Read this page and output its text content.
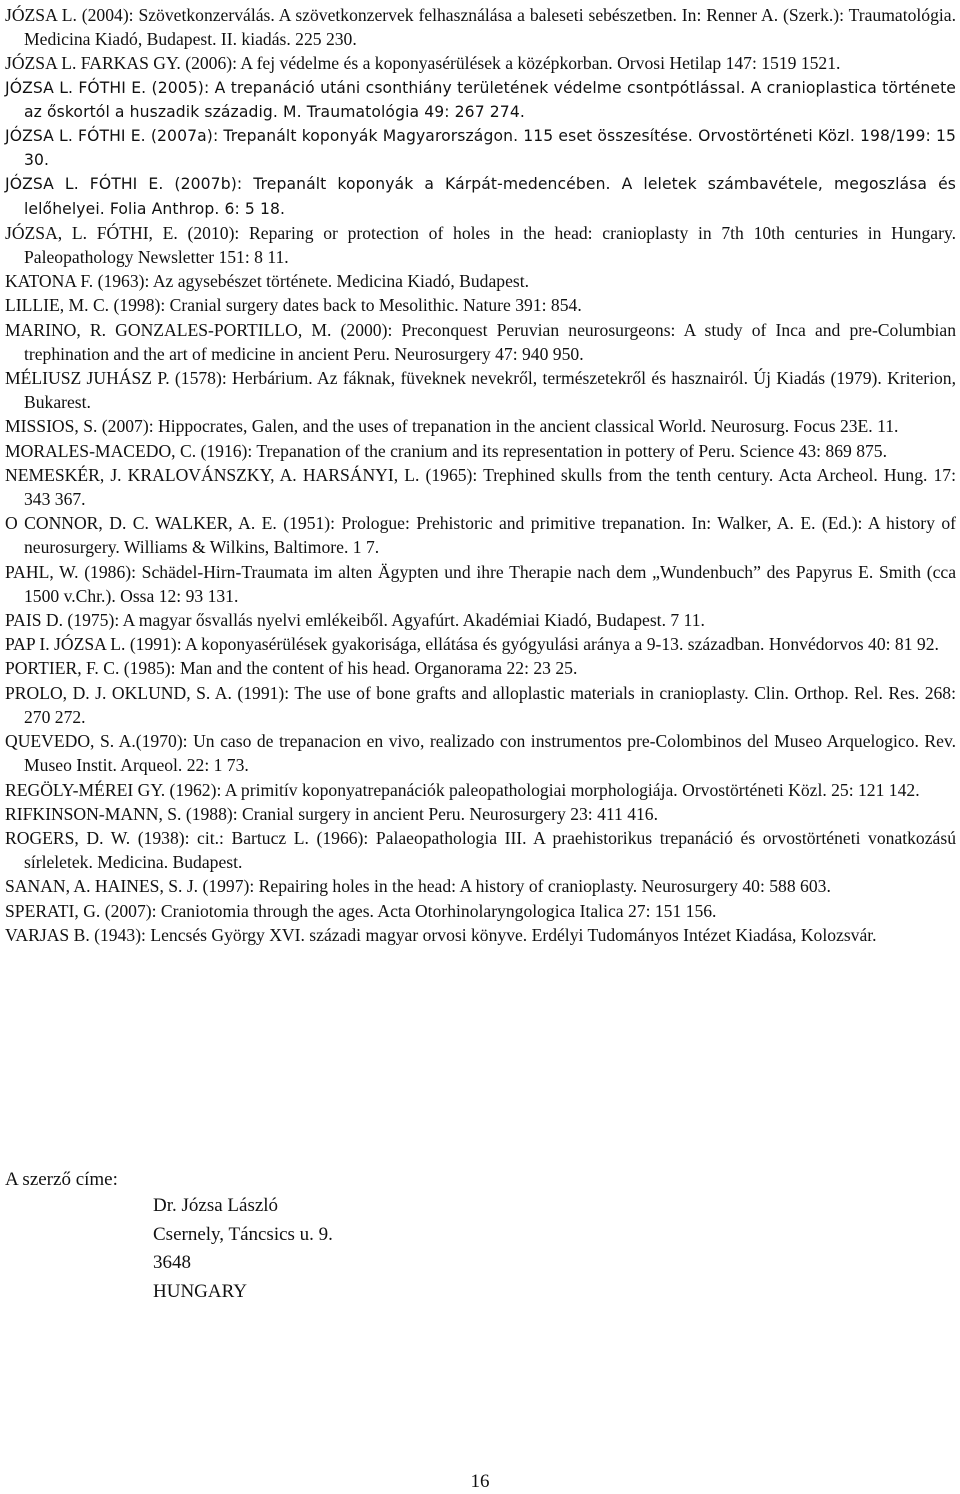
JÓZSA L. (2004): Szövetkonzerválás. A szövetkonzervek felhasználása a baleseti sebészetben. In: Renner A. (Szerk.): Traumatológia. Medicina Kiadó, Budapest. II. kiadás. 225 230.
JÓZSA L. FARKAS GY. (2006): A fej védelme és a koponyasérülések a középkorban. Orvosi Hetilap 147: 1519 1521.
JÓZSA L. FÓTHI E. (2005): A trepanáció utáni csonthiány területének védelme csontpótlással. A cranioplastica története az őskortól a huszadik századig. M. Traumatológia 49: 267 274.
JÓZSA L. FÓTHI E. (2007a): Trepanált koponyák Magyarországon. 115 eset összesítése. Orvostörténeti Közl. 198/199: 15 30.
JÓZSA L. FÓTHI E. (2007b): Trepanált koponyák a Kárpát-medencében. A leletek számbavétele, megoszlása és lelőhelyei. Folia Anthrop. 6: 5 18.
JÓZSA, L. FÓTHI, E. (2010): Reparing or protection of holes in the head: cranioplasty in 7th 10th centuries in Hungary. Paleopathology Newsletter 151: 8 11.
KATONA F. (1963): Az agysebészet története. Medicina Kiadó, Budapest.
LILLIE, M. C. (1998): Cranial surgery dates back to Mesolithic. Nature 391: 854.
MARINO, R. GONZALES-PORTILLO, M. (2000): Preconquest Peruvian neurosurgeons: A study of Inca and pre-Columbian trephination and the art of medicine in ancient Peru. Neurosurgery 47: 940 950.
MÉLIUSZ JUHÁSZ P. (1578): Herbárium. Az fáknak, füveknek nevekről, természetekről és hasznairól. Új Kiadás (1979). Kriterion, Bukarest.
MISSIOS, S. (2007): Hippocrates, Galen, and the uses of trepanation in the ancient classical World. Neurosurg. Focus 23E. 11.
MORALES-MACEDO, C. (1916): Trepanation of the cranium and its representation in pottery of Peru. Science 43: 869 875.
NEMESKÉR, J. KRALOVÁNSZKY, A. HARSÁNYI, L. (1965): Trephined skulls from the tenth century. Acta Archeol. Hung. 17: 343 367.
O CONNOR, D. C. WALKER, A. E. (1951): Prologue: Prehistoric and primitive trepanation. In: Walker, A. E. (Ed.): A history of neurosurgery. Williams & Wilkins, Baltimore. 1 7.
PAHL, W. (1986): Schädel-Hirn-Traumata im alten Ägypten und ihre Therapie nach dem „Wundenbuch” des Papyrus E. Smith (cca 1500 v.Chr.). Ossa 12: 93 131.
PAIS D. (1975): A magyar ősvallás nyelvi emlékeiből. Agyafúrt. Akadémiai Kiadó, Budapest. 7 11.
PAP I. JÓZSA L. (1991): A koponyasérülések gyakorisága, ellátása és gyógyulási aránya a 9-13. században. Honvédorvos 40: 81 92.
PORTIER, F. C. (1985): Man and the content of his head. Organorama 22: 23 25.
PROLO, D. J. OKLUND, S. A. (1991): The use of bone grafts and alloplastic materials in cranioplasty. Clin. Orthop. Rel. Res. 268: 270 272.
QUEVEDO, S. A.(1970): Un caso de trepanacion en vivo, realizado con instrumentos pre-Colombinos del Museo Arquelogico. Rev. Museo Instit. Arqueol. 22: 1 73.
REGÖLY-MÉREI GY. (1962): A primitív koponyatrepanációk paleopathologiai morphologiája. Orvostörténeti Közl. 25: 121 142.
RIFKINSON-MANN, S. (1988): Cranial surgery in ancient Peru. Neurosurgery 23: 411 416.
ROGERS, D. W. (1938): cit.: Bartucz L. (1966): Palaeopathologia III. A praehistorikus trepanáció és orvostörténeti vonatkozású sírleletek. Medicina. Budapest.
SANAN, A. HAINES, S. J. (1997): Repairing holes in the head: A history of cranioplasty. Neurosurgery 40: 588 603.
SPERATI, G. (2007): Craniotomia through the ages. Acta Otorhinolaryngologica Italica 27: 151 156.
VARJAS B. (1943): Lencsés György XVI. századi magyar orvosi könyve. Erdélyi Tudományos Intézet Kiadása, Kolozsvár.

A szerző címe:

Dr. Józsa László
Csernely, Táncsics u. 9.
3648
HUNGARY
16
